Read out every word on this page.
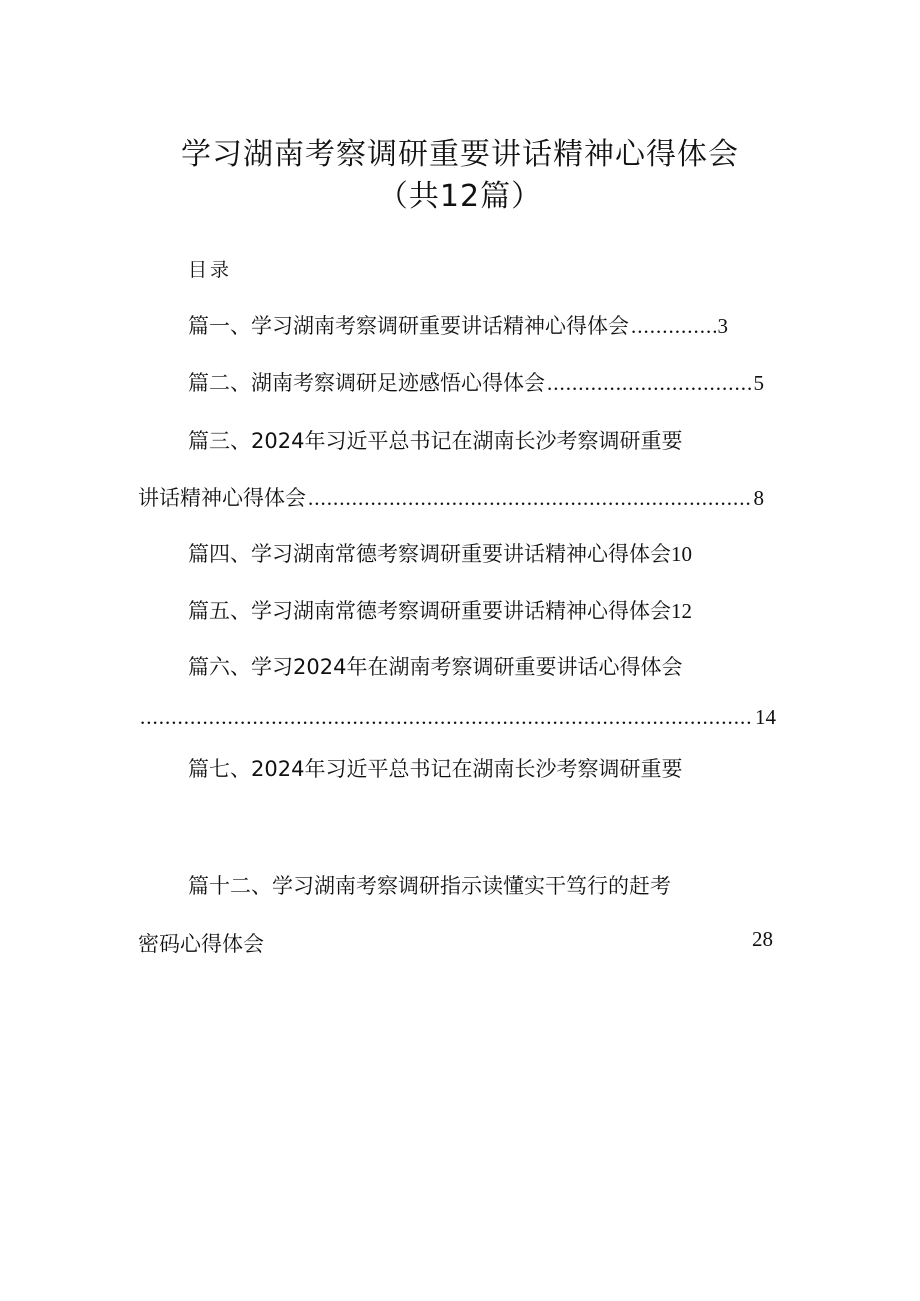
学习湖南考察调研重要讲话精神心得体会
（共12篇）
目录
篇一、学习湖南考察调研重要讲话精神心得体会 .....	3
篇二、湖南考察调研足迹感悟心得体会 .....	5
篇三、2024年习近平总书记在湖南长沙考察调研重要
讲话精神心得体会 .....	8
篇四、学习湖南常德考察调研重要讲话精神心得体会 10
篇五、学习湖南常德考察调研重要讲话精神心得体会 12
篇六、学习2024年在湖南考察调研重要讲话心得体会
.....
14
篇七、2024年习近平总书记在湖南长沙考察调研重要
篇十二、学习湖南考察调研指示读懂实干笃行的赶考
密码心得体会	28
